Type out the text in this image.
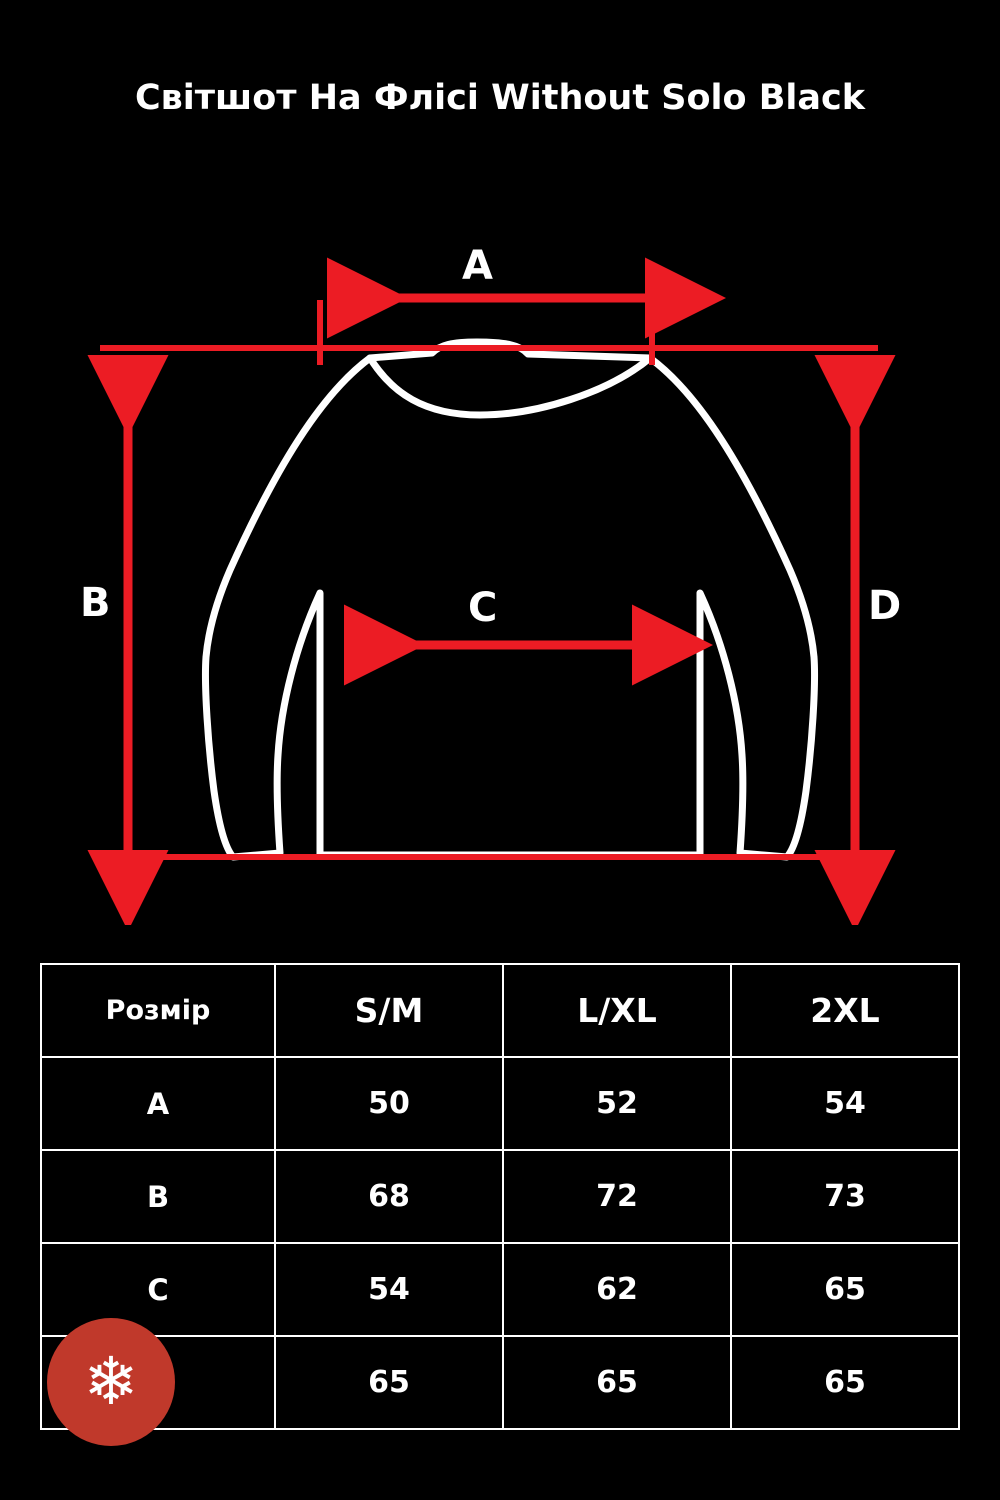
Світшот На Фліci Without Solo Black
A
B	C	D
Розмір	S/M	L/XL	2XL
A	50	52	54
B	68	72	73
C	54	62	65
	65	65	65
❄
